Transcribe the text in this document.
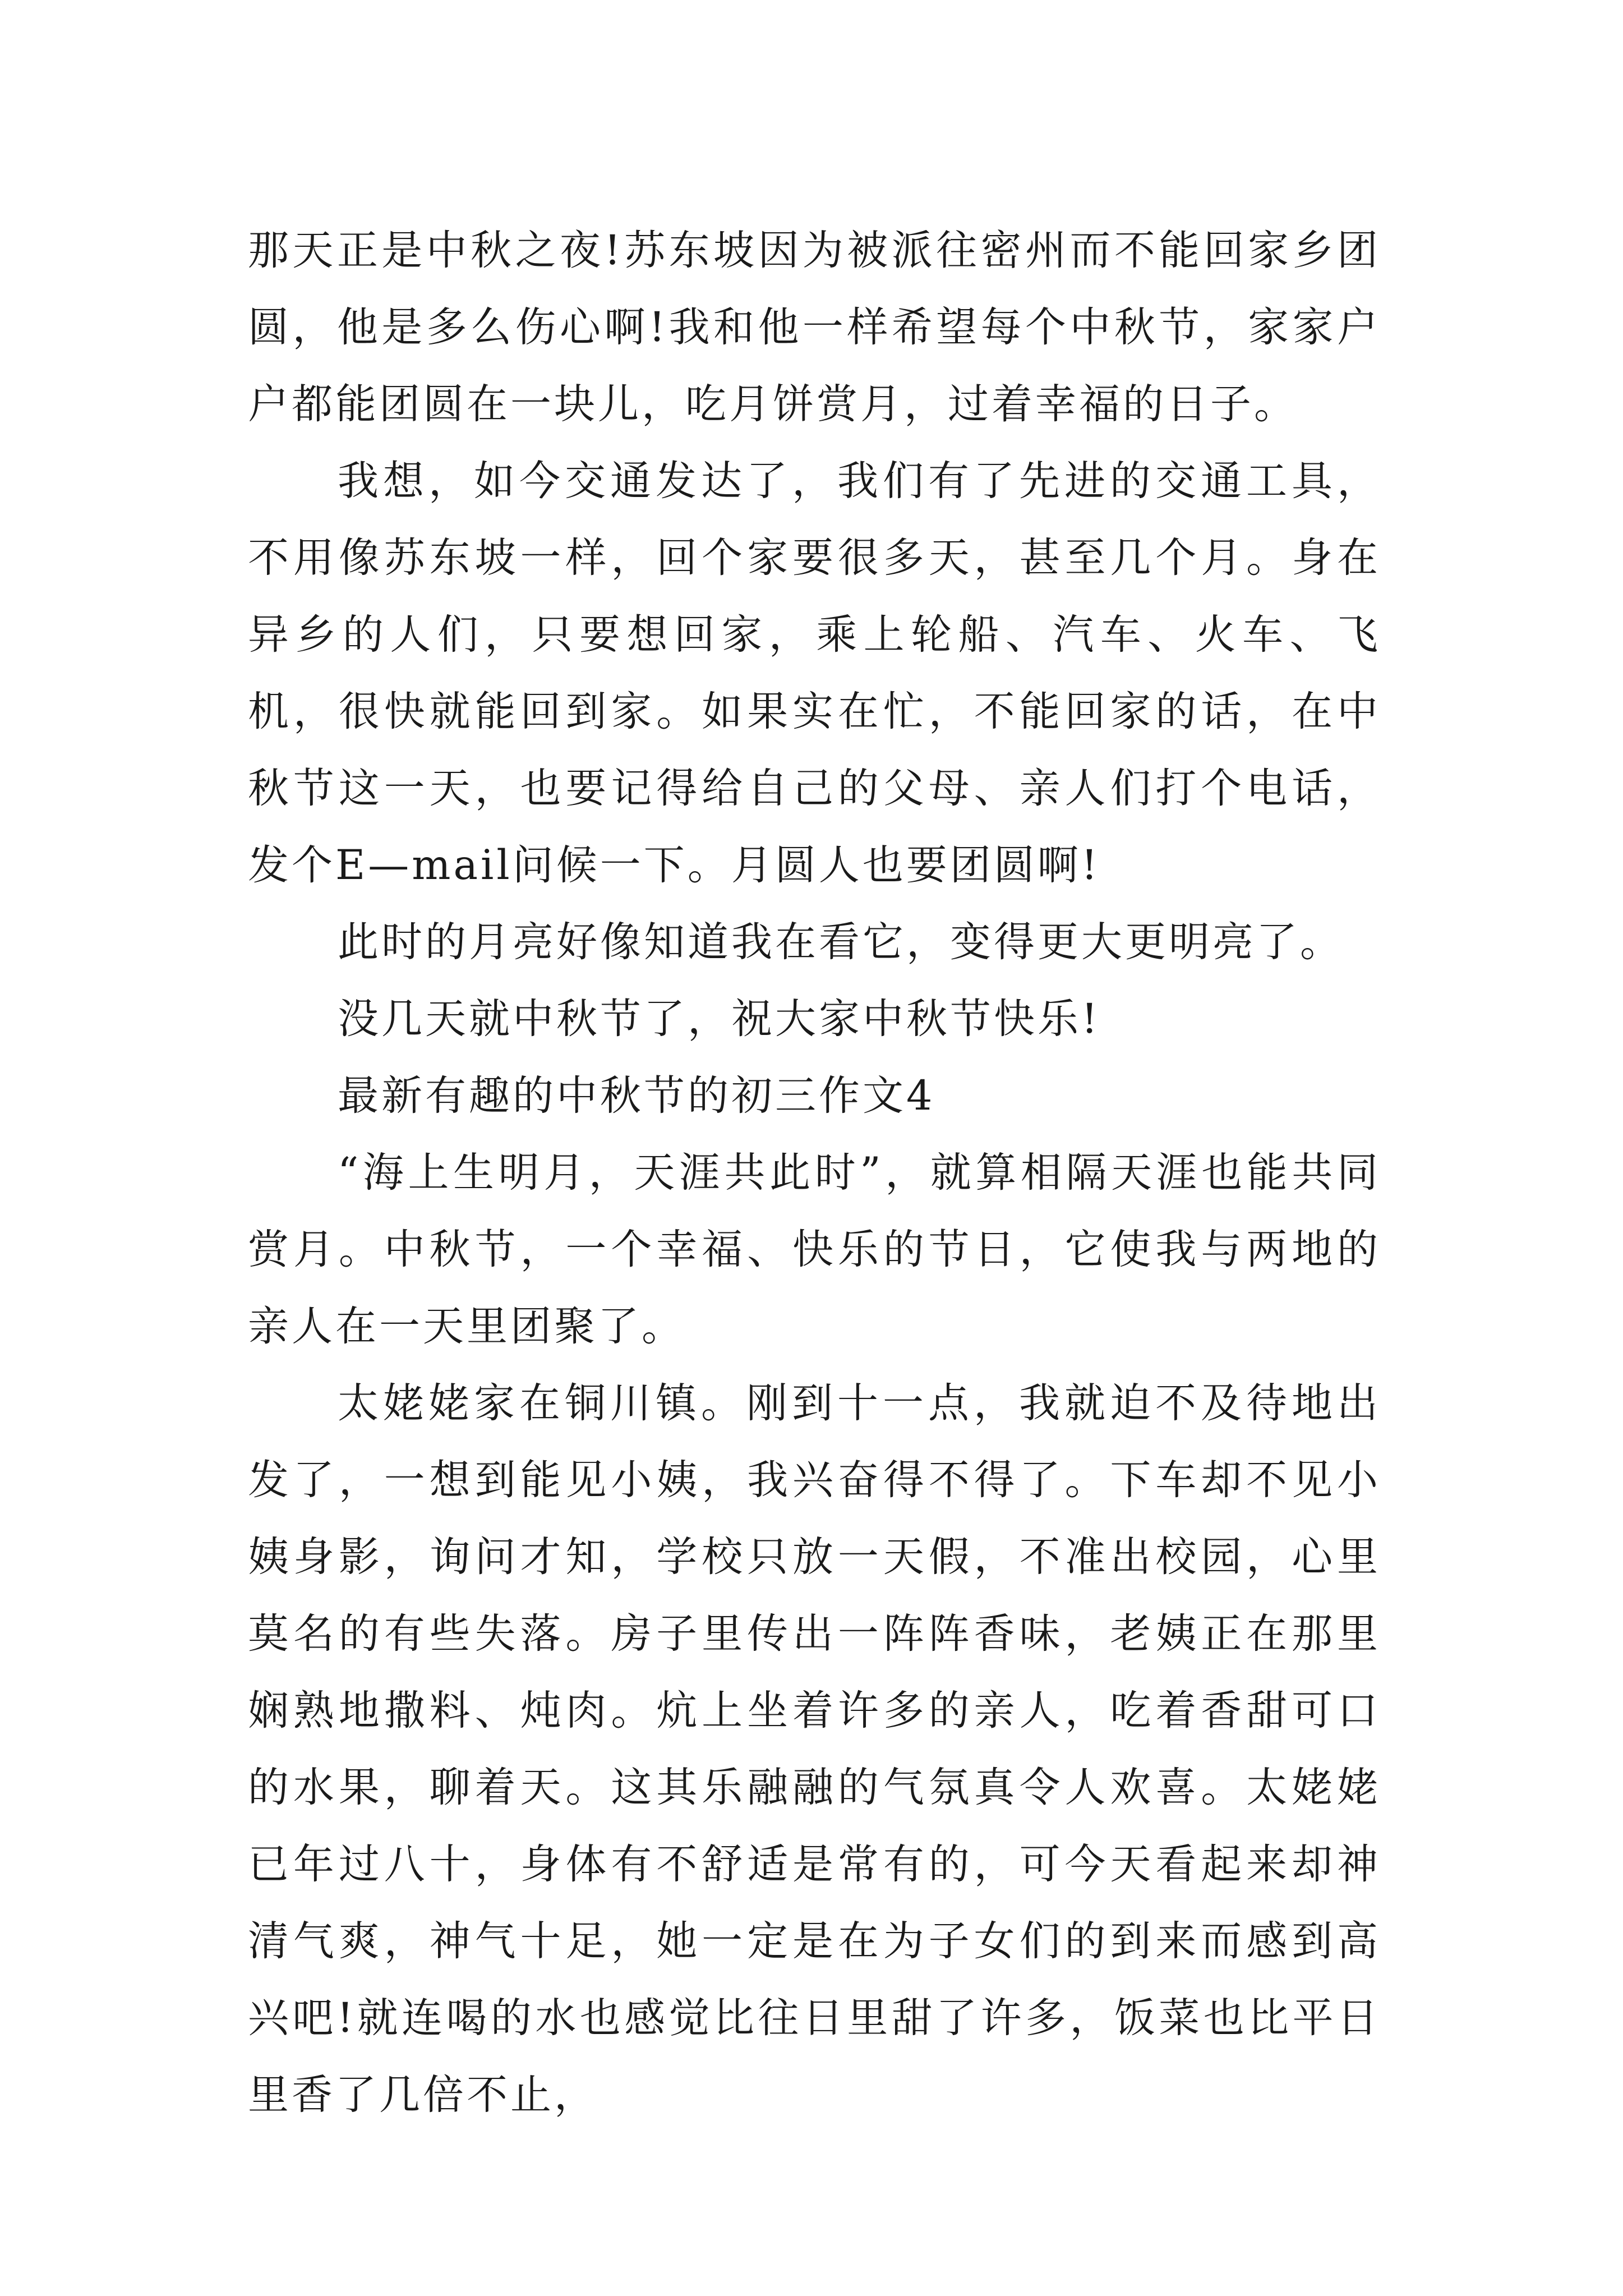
那天正是中秋之夜!苏东坡因为被派往密州而不能回家乡团圆，他是多么伤心啊!我和他一样希望每个中秋节，家家户户都能团圆在一块儿，吃月饼赏月，过着幸福的日子。

我想，如今交通发达了，我们有了先进的交通工具，不用像苏东坡一样，回个家要很多天，甚至几个月。身在异乡的人们，只要想回家，乘上轮船、汽车、火车、飞机，很快就能回到家。如果实在忙，不能回家的话，在中秋节这一天，也要记得给自己的父母、亲人们打个电话，发个E—mail问候一下。月圆人也要团圆啊!

此时的月亮好像知道我在看它，变得更大更明亮了。

没几天就中秋节了，祝大家中秋节快乐!

最新有趣的中秋节的初三作文4

“海上生明月，天涯共此时”，就算相隔天涯也能共同赏月。中秋节，一个幸福、快乐的节日，它使我与两地的亲人在一天里团聚了。

太姥姥家在铜川镇。刚到十一点，我就迫不及待地出发了，一想到能见小姨，我兴奋得不得了。下车却不见小姨身影，询问才知，学校只放一天假，不准出校园，心里莫名的有些失落。房子里传出一阵阵香味，老姨正在那里娴熟地撒料、炖肉。炕上坐着许多的亲人，吃着香甜可口的水果，聊着天。这其乐融融的气氛真令人欢喜。太姥姥已年过八十，身体有不舒适是常有的，可今天看起来却神清气爽，神气十足，她一定是在为子女们的到来而感到高兴吧!就连喝的水也感觉比往日里甜了许多，饭菜也比平日里香了几倍不止，
